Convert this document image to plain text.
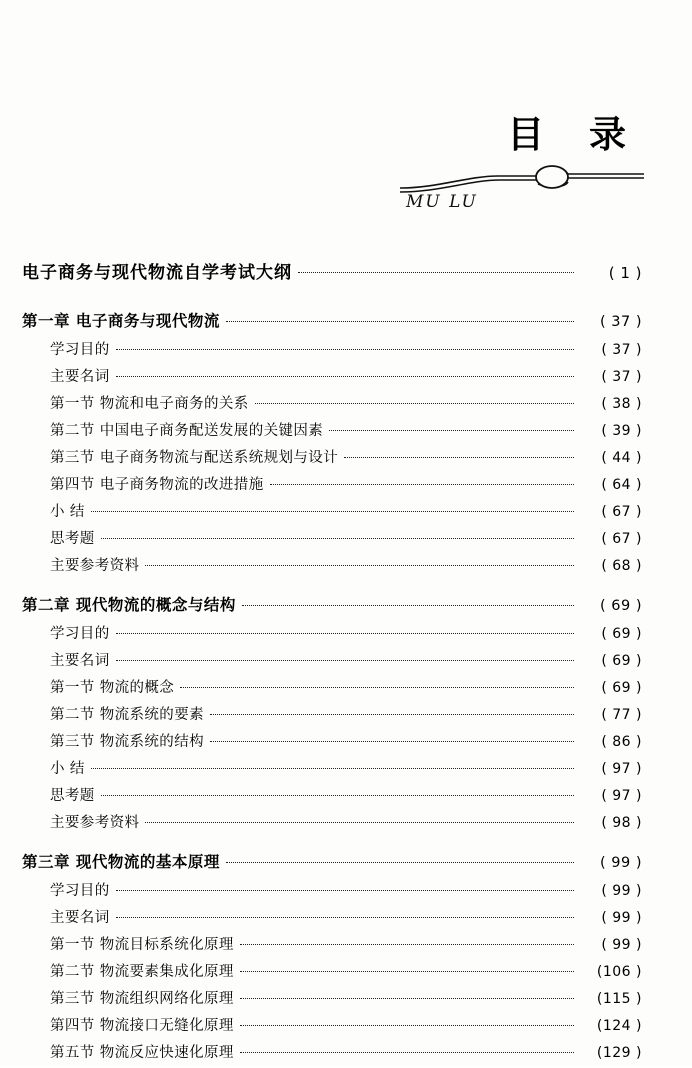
目 录
MU LU
电子商务与现代物流自学考试大纲	( 1 )
第一章 电子商务与现代物流	( 37 )
学习目的	( 37 )
主要名词	( 37 )
第一节 物流和电子商务的关系	( 38 )
第二节 中国电子商务配送发展的关键因素	( 39 )
第三节 电子商务物流与配送系统规划与设计	( 44 )
第四节 电子商务物流的改进措施	( 64 )
小 结	( 67 )
思考题	( 67 )
主要参考资料	( 68 )
第二章 现代物流的概念与结构	( 69 )
学习目的	( 69 )
主要名词	( 69 )
第一节 物流的概念	( 69 )
第二节 物流系统的要素	( 77 )
第三节 物流系统的结构	( 86 )
小 结	( 97 )
思考题	( 97 )
主要参考资料	( 98 )
第三章 现代物流的基本原理	( 99 )
学习目的	( 99 )
主要名词	( 99 )
第一节 物流目标系统化原理	( 99 )
第二节 物流要素集成化原理	(106 )
第三节 物流组织网络化原理	(115 )
第四节 物流接口无缝化原理	(124 )
第五节 物流反应快速化原理	(129 )
